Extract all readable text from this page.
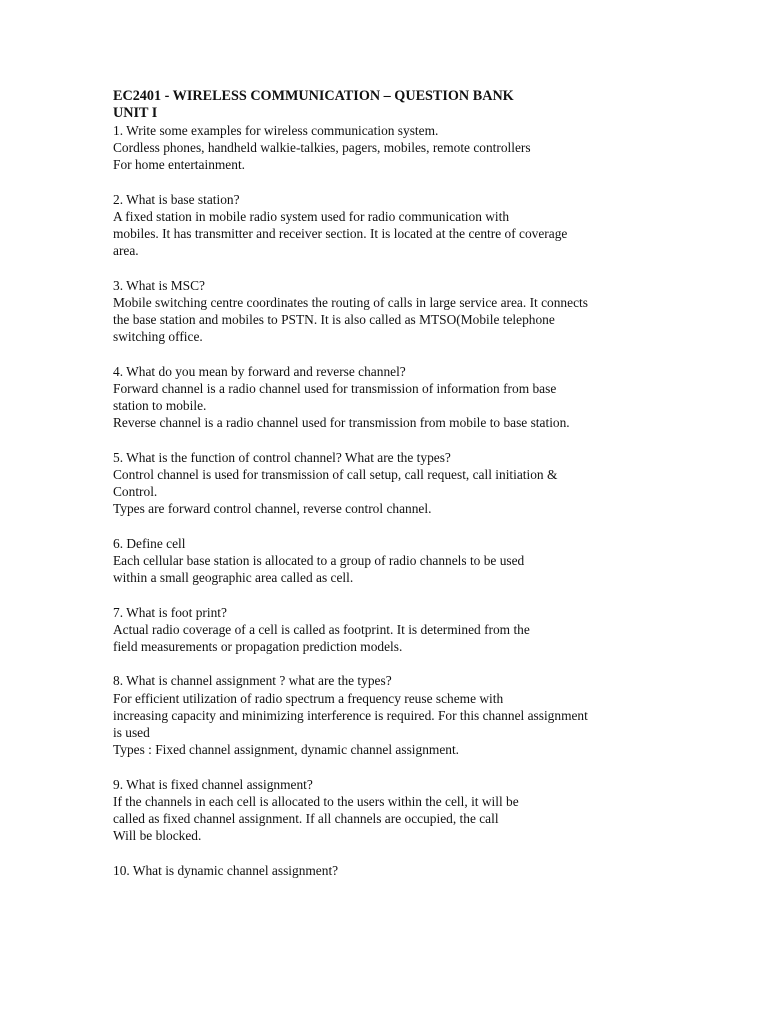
EC2401 - WIRELESS COMMUNICATION – QUESTION BANK
UNIT I
1. Write some examples for wireless communication system.
Cordless phones, handheld walkie-talkies, pagers, mobiles, remote controllers
For home entertainment.
2. What is base station?
A fixed station in mobile radio system used for radio communication with
mobiles. It has transmitter and receiver section. It is located at the centre of coverage
area.
3. What is MSC?
Mobile switching centre coordinates the routing of calls in large service area. It connects
the base station and mobiles to PSTN. It is also called as MTSO(Mobile telephone
switching office.
4. What do you mean by forward and reverse channel?
Forward channel is a radio channel used for transmission of information from base
station to mobile.
Reverse channel is a radio channel used for transmission from mobile to base station.
5. What is the function of control channel? What are the types?
Control channel is used for transmission of call setup, call request, call initiation &
Control.
Types are forward control channel, reverse control channel.
6. Define cell
Each cellular base station is allocated to a group of radio channels to be used
within a small geographic area called as cell.
7. What is foot print?
Actual radio coverage of a cell is called as footprint. It is determined from the
field measurements or propagation prediction models.
8. What is channel assignment ? what are the types?
For efficient utilization of radio spectrum a frequency reuse scheme with
increasing capacity and minimizing interference is required. For this channel assignment
is used
Types : Fixed channel assignment, dynamic channel assignment.
9. What is fixed channel assignment?
If the channels in each cell is allocated to the users within the cell, it will be
called as fixed channel assignment. If all channels are occupied, the call
Will be blocked.
10. What is dynamic channel assignment?
